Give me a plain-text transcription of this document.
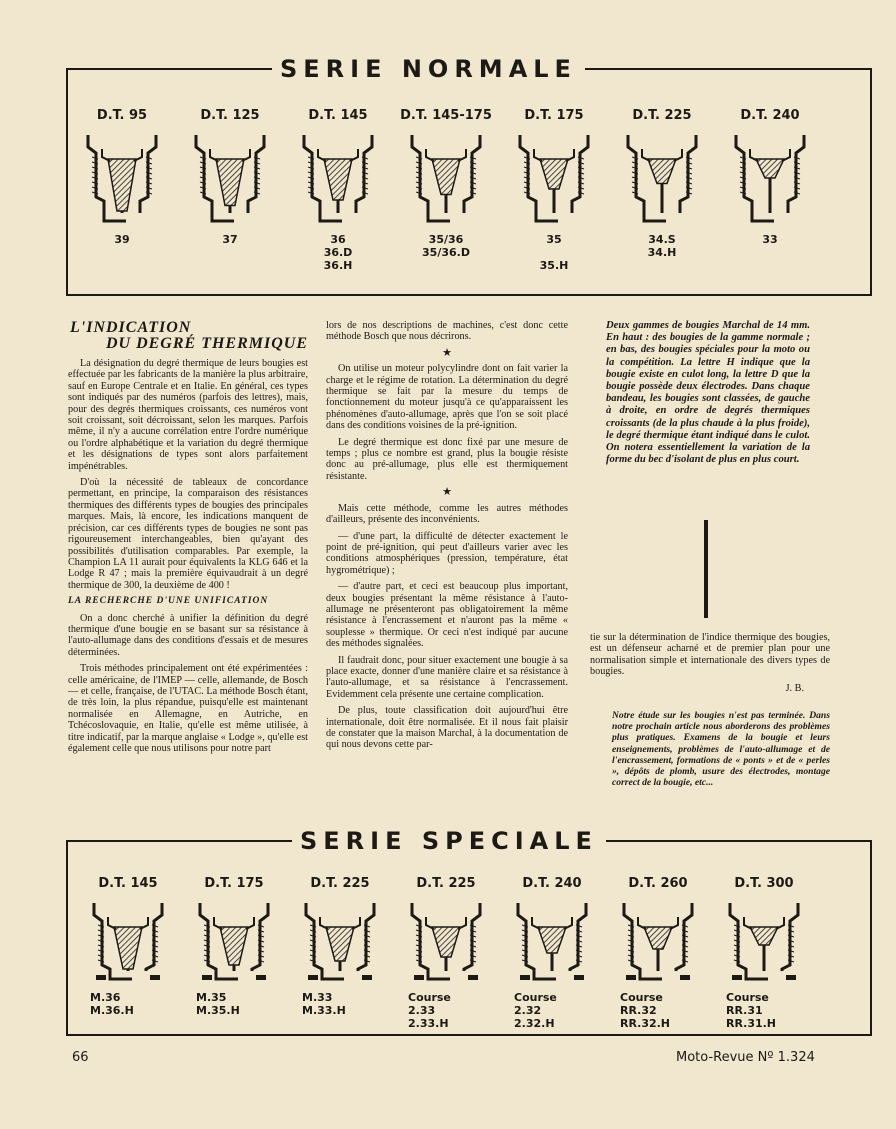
SERIE NORMALE
D.T. 95
39
D.T. 125
37
D.T. 145
36
36.D
36.H
D.T. 145-175
35/36
35/36.D
D.T. 175
35

35.H
D.T. 225
34.S
34.H
D.T. 240
33
L'INDICATION
DU DEGRÉ THERMIQUE

La désignation du degré thermique de leurs bougies est effectuée par les fabricants de la manière la plus arbitraire, sauf en Europe Centrale et en Italie. En général, ces types sont indiqués par des numéros (parfois des lettres), mais, pour des degrés thermiques croissants, ces numéros vont soit croissant, soit décroissant, selon les marques. Parfois même, il n'y a aucune corrélation entre l'ordre numérique ou l'ordre alphabétique et la variation du degré thermique et les désignations de types sont alors parfaitement impénétrables.

D'où la nécessité de tableaux de concordance permettant, en principe, la comparaison des résistances thermiques des différents types de bougies des principales marques. Mais, là encore, les indications manquent de précision, car ces différents types de bougies ne sont pas rigoureusement interchangeables, bien qu'ayant des possibilités d'utilisation comparables. Par exemple, la Champion LA 11 aurait pour équivalents la KLG 646 et la Lodge R 47 ; mais la première équivaudrait à un degré thermique de 300, la deuxième de 400 !

LA RECHERCHE D'UNE UNIFICATION

On a donc cherché à unifier la définition du degré thermique d'une bougie en se basant sur sa résistance à l'auto-allumage dans des conditions d'essais et de mesures déterminées.

Trois méthodes principalement ont été expérimentées : celle américaine, de l'IMEP — celle, allemande, de Bosch — et celle, française, de l'UTAC. La méthode Bosch étant, de très loin, la plus répandue, puisqu'elle est maintenant normalisée en Allemagne, en Autriche, en Tchécoslovaquie, en Italie, qu'elle est même utilisée, à titre indicatif, par la marque anglaise « Lodge », qu'elle est également celle que nous utilisons pour notre part

lors de nos descriptions de machines, c'est donc cette méthode Bosch que nous décrirons.

★

On utilise un moteur polycylindre dont on fait varier la charge et le régime de rotation. La détermination du degré thermique se fait par la mesure du temps de fonctionnement du moteur jusqu'à ce qu'apparaissent les phénomènes d'auto-allumage, après que l'on se soit placé dans des conditions voisines de la pré-ignition.

Le degré thermique est donc fixé par une mesure de temps ; plus ce nombre est grand, plus la bougie résiste donc au pré-allumage, plus elle est thermiquement résistante.

★

Mais cette méthode, comme les autres méthodes d'ailleurs, présente des inconvénients.

— d'une part, la difficulté de détecter exactement le point de pré-ignition, qui peut d'ailleurs varier avec les conditions atmosphériques (pression, température, état hygrométrique) ;

— d'autre part, et ceci est beaucoup plus important, deux bougies présentant la même résistance à l'auto-allumage ne présenteront pas obligatoirement la même résistance à l'encrassement et n'auront pas la même « souplesse » thermique. Or ceci n'est indiqué par aucune des méthodes signalées.

Il faudrait donc, pour situer exactement une bougie à sa place exacte, donner d'une manière claire et sa résistance à l'auto-allumage, et sa résistance à l'encrassement. Evidemment cela présente une certaine complication.

De plus, toute classification doit aujourd'hui être internationale, doit être normalisée. Et il nous fait plaisir de constater que la maison Marchal, à la documentation de qui nous devons cette par-

Deux gammes de bougies Marchal de 14 mm. En haut : des bougies de la gamme normale ; en bas, des bougies spéciales pour la moto ou la compétition. La lettre H indique que la bougie existe en culot long, la lettre D que la bougie possède deux électrodes. Dans chaque bandeau, les bougies sont classées, de gauche à droite, en ordre de degrés thermiques croissants (de la plus chaude à la plus froide), le degré thermique étant indiqué dans le culot. On notera essentiellement la variation de la forme du bec d'isolant de plus en plus court.

tie sur la détermination de l'indice thermique des bougies, est un défenseur acharné et de premier plan pour une normalisation simple et internationale des divers types de bougies.

J. B.
Notre étude sur les bougies n'est pas terminée. Dans notre prochain article nous aborderons des problèmes plus pratiques. Examens de la bougie et leurs enseignements, problèmes de l'auto-allumage et de l'encrassement, formations de « ponts » et de « perles », dépôts de plomb, usure des électrodes, montage correct de la bougie, etc...
SERIE SPECIALE
D.T. 145
M.36
M.36.H
D.T. 175
M.35
M.35.H
D.T. 225
M.33
M.33.H
D.T. 225
Course
2.33
2.33.H
D.T. 240
Course
2.32
2.32.H
D.T. 260
Course
RR.32
RR.32.H
D.T. 300
Course
RR.31
RR.31.H
66	Moto-Revue Nº 1.324
